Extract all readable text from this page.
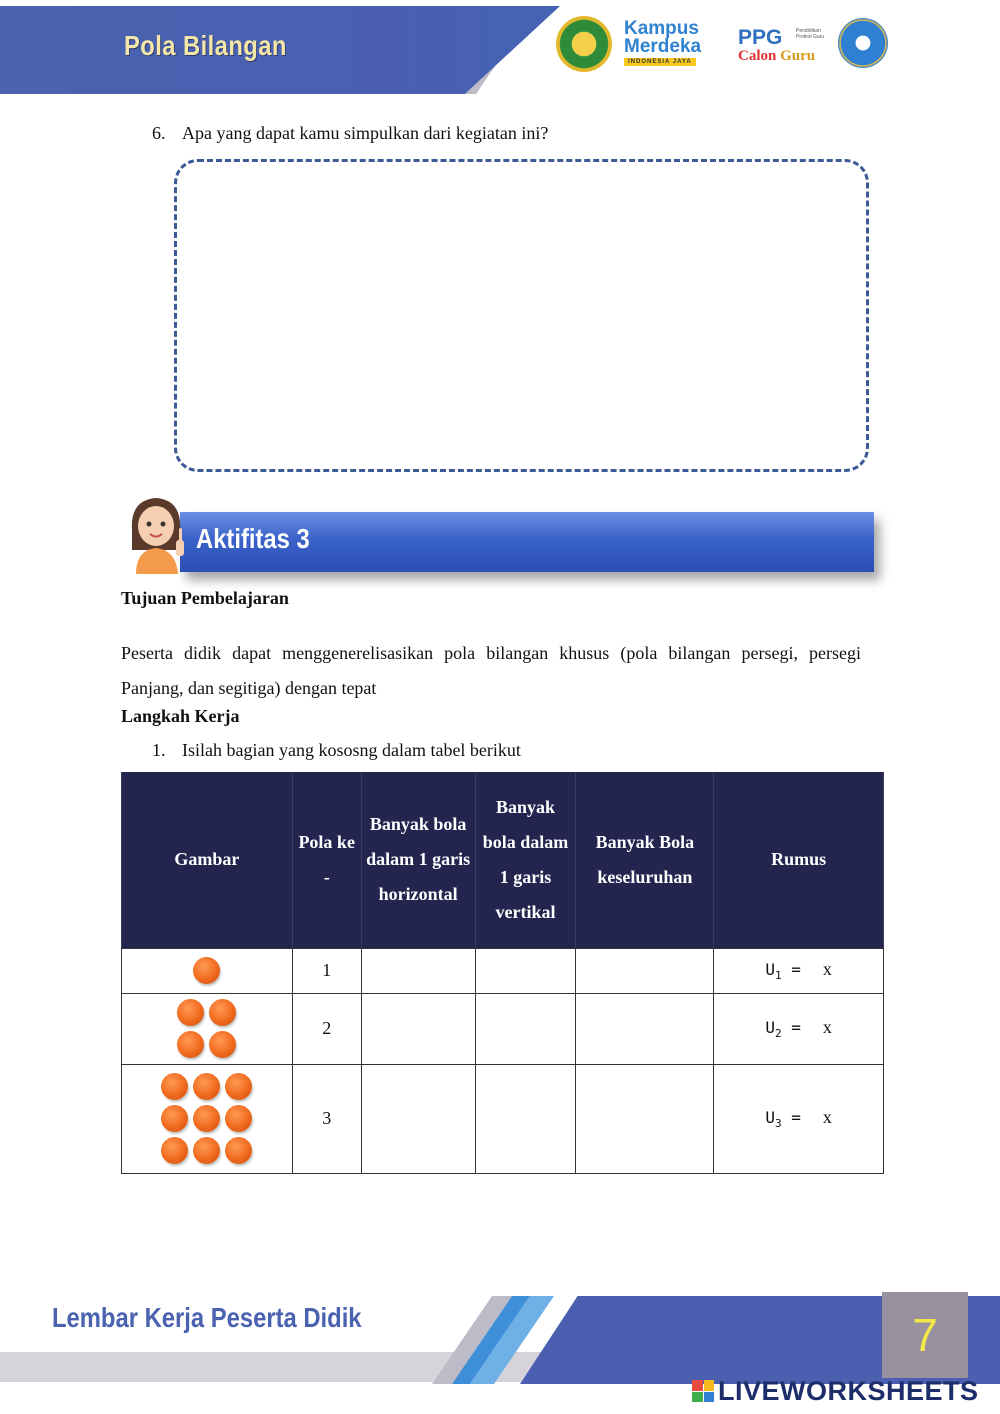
Pola Bilangan
Kampus
Merdeka
INDONESIA JAYA
PPG
Calon Guru
Pendidikan Profesi Guru
6. Apa yang dapat kamu simpulkan dari kegiatan ini?
Aktifitas 3
Tujuan Pembelajaran
Peserta didik dapat menggenerelisasikan pola bilangan khusus (pola bilangan persegi, persegi Panjang, dan segitiga) dengan tepat
Langkah Kerja
1. Isilah bagian yang kososng dalam tabel berikut
Gambar	Pola ke -	Banyak bola dalam 1 garis horizontal	Banyak bola dalam 1 garis vertikal	Banyak Bola keseluruhan	Rumus

	1				$U_1 = x$

	2				$U_2 = x$

	3				$U_3 = x$
Lembar Kerja Peserta Didik	7
LIVEWORKSHEETS
